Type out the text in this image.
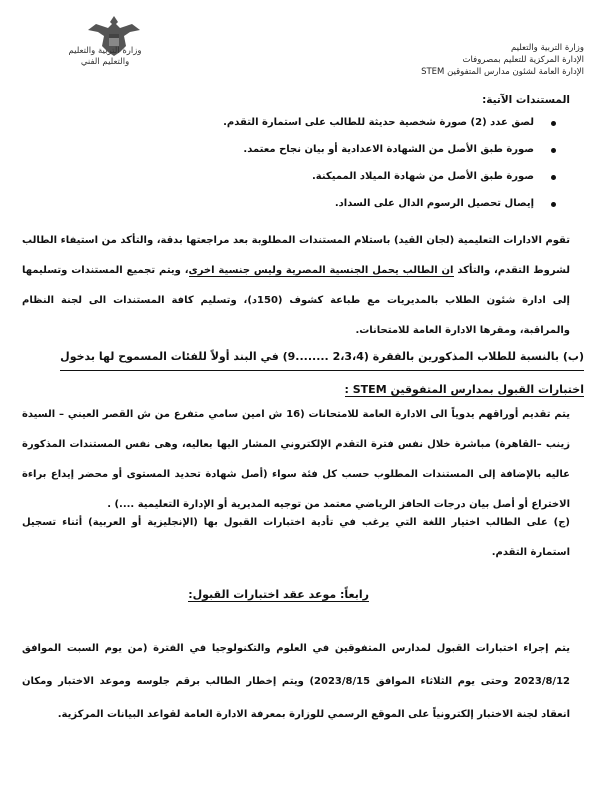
وزارة التربية والتعليم
والتعليم الفني
وزارة التربية والتعليم
الإدارة المركزية للتعليم بمصروفات
الإدارة العامة لشئون مدارس المتفوقين STEM
المستندات الآتية:
لصق عدد (2) صورة شخصية حديثة للطالب على استمارة التقدم.
صورة طبق الأصل من الشهادة الاعدادية أو بيان نجاح معتمد.
صورة طبق الأصل من شهادة الميلاد المميكنة.
إيصال تحصيل الرسوم الدال على السداد.
تقوم الادارات التعليمية (لجان القيد) باستلام المستندات المطلوبة بعد مراجعتها بدقة، والتأكد من استيفاء الطالب لشروط التقدم، والتأكد ان الطالب يحمل الجنسية المصرية وليس جنسية اخرى، ويتم تجميع المستندات وتسليمها إلى ادارة شئون الطلاب بالمديريات مع طباعة كشوف (150د)، وتسليم كافة المستندات الى لجنة النظام والمراقبة، ومقرها الادارة العامة للامتحانات.
(ب) بالنسبة للطلاب المذكورين بالفقرة (2،3،4 ........9) في البند أولاً للفئات المسموح لها بدخول
اختبارات القبول بمدارس المتفوقين STEM :
يتم تقديم أوراقهم يدوياً الى الادارة العامة للامتحانات (16 ش امين سامي متفرع من ش القصر العيني – السيدة زينب –القاهرة) مباشرة خلال نفس فترة التقدم الإلكتروني المشار اليها بعاليه، وهى نفس المستندات المذكورة عاليه بالإضافة إلى المستندات المطلوب حسب كل فئة سواء (أصل شهادة تحديد المستوى أو محضر إيداع براءة الاختراع أو أصل بيان درجات الحافز الرياضي معتمد من توجيه المديرية أو الإدارة التعليمية ....) .
(ج) على الطالب اختيار اللغة التي يرغب في تأدية اختبارات القبول بها (الإنجليزية أو العربية) أثناء تسجيل استمارة التقدم.
رابعاً: موعد عقد اختبارات القبول:
يتم إجراء اختبارات القبول لمدارس المتفوقين في العلوم والتكنولوجيا في الفترة (من يوم السبت الموافق 2023/8/12 وحتى يوم الثلاثاء الموافق 2023/8/15) ويتم إخطار الطالب برقم جلوسه وموعد الاختبار ومكان انعقاد لجنة الاختبار إلكترونياً على الموقع الرسمي للوزارة بمعرفة الادارة العامة لقواعد البيانات المركزية.
